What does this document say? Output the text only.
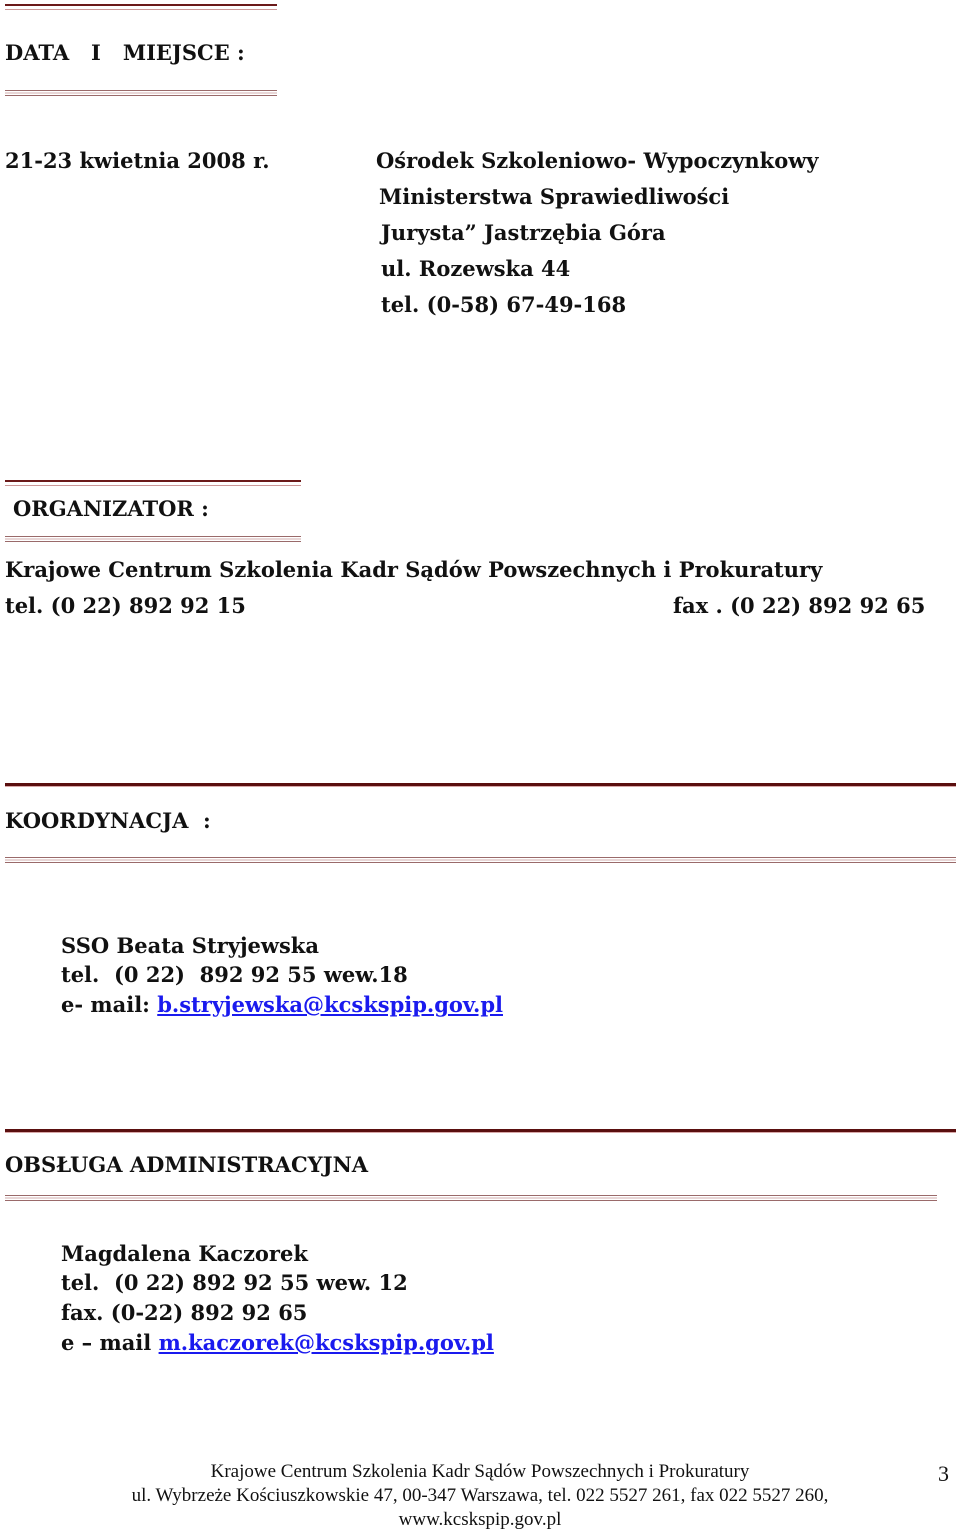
DATA   I   MIEJSCE :
21-23 kwietnia 2008 r.	Ośrodek Szkoleniowo- Wypoczynkowy
Ministerstwa Sprawiedliwości
Jurysta” Jastrzębia Góra
ul. Rozewska 44
tel. (0-58) 67-49-168
ORGANIZATOR :
Krajowe Centrum Szkolenia Kadr Sądów Powszechnych i Prokuratury
tel. (0 22) 892 92 15	fax . (0 22) 892 92 65
KOORDYNACJA  :
SSO Beata Stryjewska
tel.  (0 22)  892 92 55 wew.18
e- mail: b.stryjewska@kcskspip.gov.pl
OBSŁUGA ADMINISTRACYJNA
Magdalena Kaczorek
tel.  (0 22) 892 92 55 wew. 12
fax. (0-22) 892 92 65
e – mail m.kaczorek@kcskspip.gov.pl
Krajowe Centrum Szkolenia Kadr Sądów Powszechnych i Prokuratury
ul. Wybrzeże Kościuszkowskie 47, 00-347 Warszawa, tel. 022 5527 261, fax 022 5527 260,
www.kcskspip.gov.pl
3
